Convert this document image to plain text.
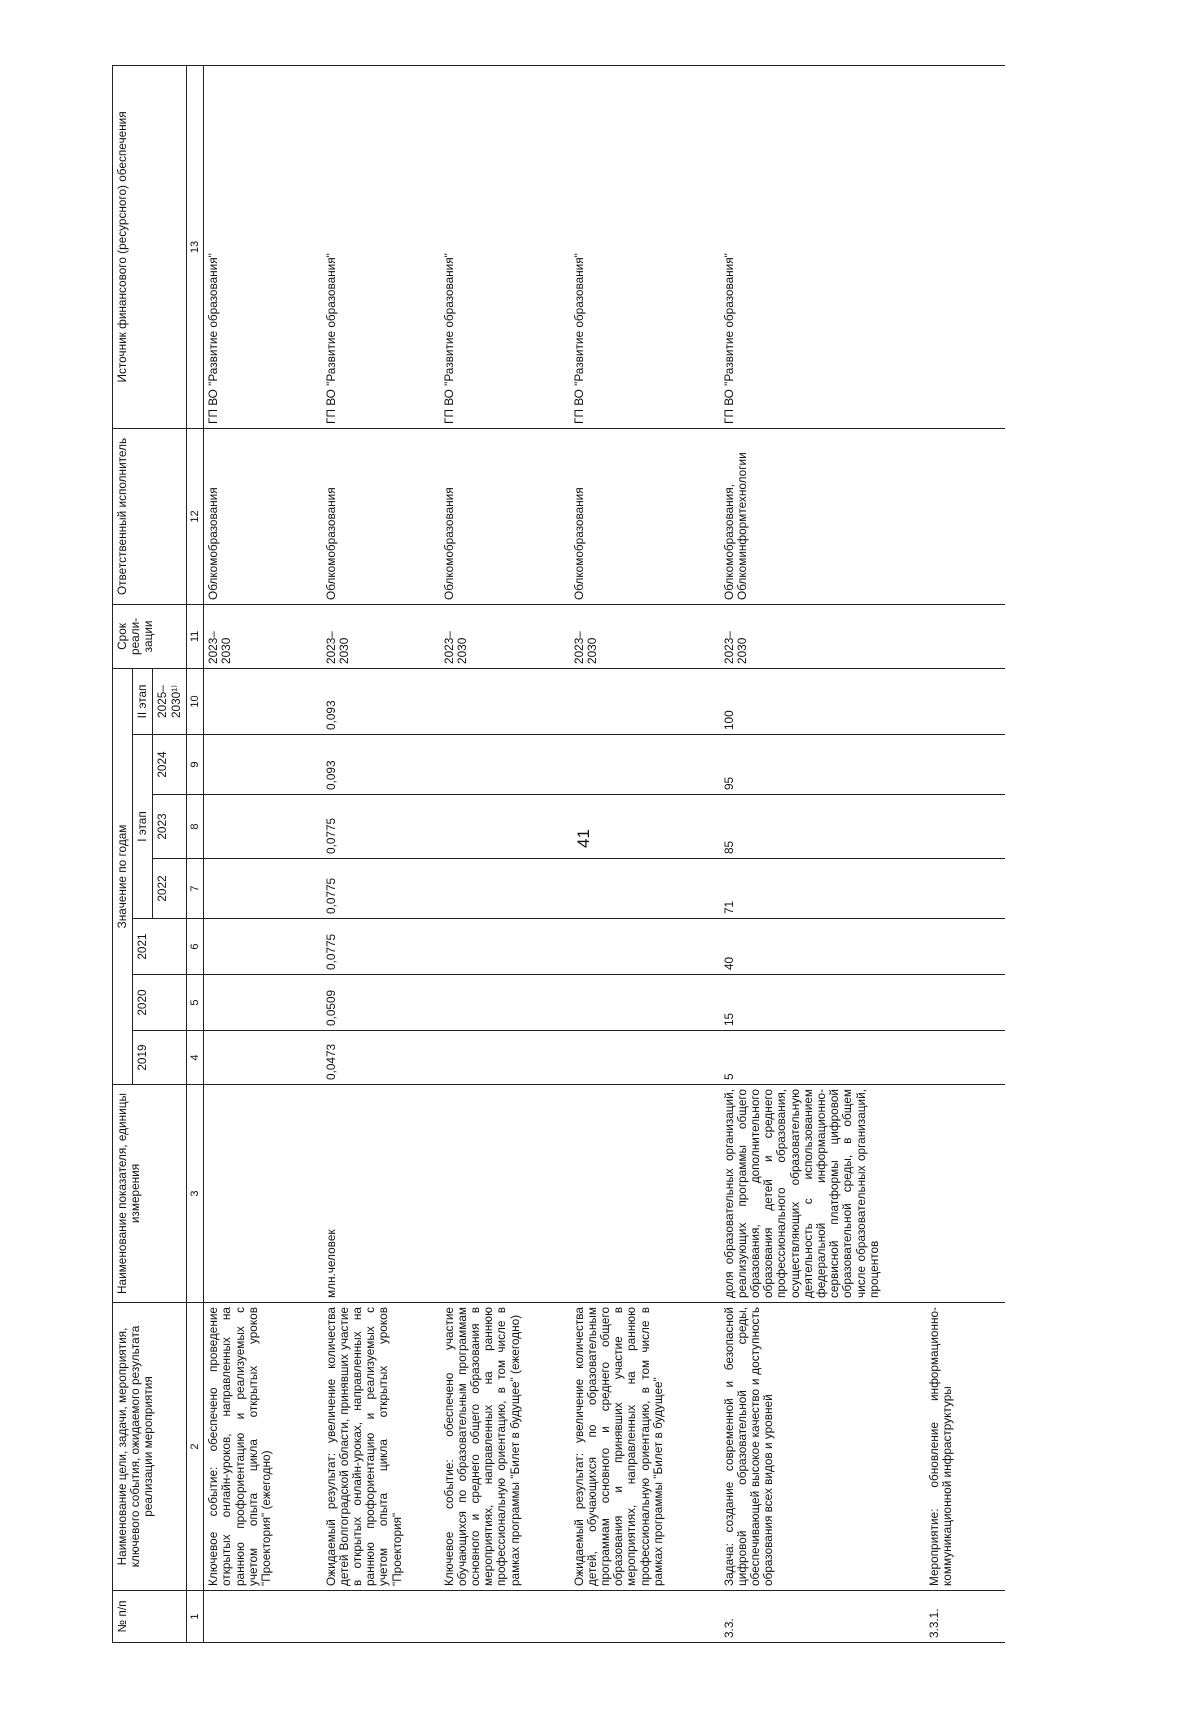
41
№ п/п	Наименование цели, задачи, мероприятия, ключевого события, ожидаемого результата реализации мероприятия	Наименование показателя, единицы измерения	Значение по годам							Срок реали- зации	Ответственный исполнитель	Источник финансового (ресурсного) обеспечения
			2019	2020	2021	I этап			II этап			
						2022	2023	2024	2025– 2030¹⁾			
1	2	3	4	5	6	7	8	9	10	11	12	13
	Ключевое событие: обеспечено проведение открытых онлайн-уроков, направленных на раннюю профориентацию и реализуемых с учетом опыта цикла открытых уроков "Проектория" (ежегодно)									2023–2030	Облкомобразования	ГП ВО "Развитие образования"
	Ожидаемый результат: увеличение количества детей Волгоградской области, принявших участие в открытых онлайн-уроках, направленных на раннюю профориентацию и реализуемых с учетом опыта цикла открытых уроков "Проектория"	млн.человек	0,0473	0,0509	0,0775	0,0775	0,0775	0,093	0,093	2023–2030	Облкомобразования	ГП ВО "Развитие образования"
	Ключевое событие: обеспечено участие обучающихся по образовательным программам основного и среднего общего образования в мероприятиях, направленных на раннюю профессиональную ориентацию, в том числе в рамках программы "Билет в будущее" (ежегодно)									2023–2030	Облкомобразования	ГП ВО "Развитие образования"
	Ожидаемый результат: увеличение количества детей, обучающихся по образовательным программам основного и среднего общего образования и принявших участие в мероприятиях, направленных на раннюю профессиональную ориентацию, в том числе в рамках программы "Билет в будущее"									2023–2030	Облкомобразования	ГП ВО "Развитие образования"
3.3.	Задача: создание современной и безопасной цифровой образовательной среды, обеспечивающей высокое качество и доступность образования всех видов и уровней	доля образовательных организаций, реализующих программы общего образования, дополнительного образования детей и среднего профессионального образования, осуществляющих образовательную деятельность с использованием федеральной информационно-сервисной платформы цифровой образовательной среды, в общем числе образовательных организаций, процентов	5	15	40	71	85	95	100	2023–2030	Облкомобразования, Облкоминформтехнологии	ГП ВО "Развитие образования"
3.3.1.	Мероприятие: обновление информационно-коммуникационной инфраструктуры											
